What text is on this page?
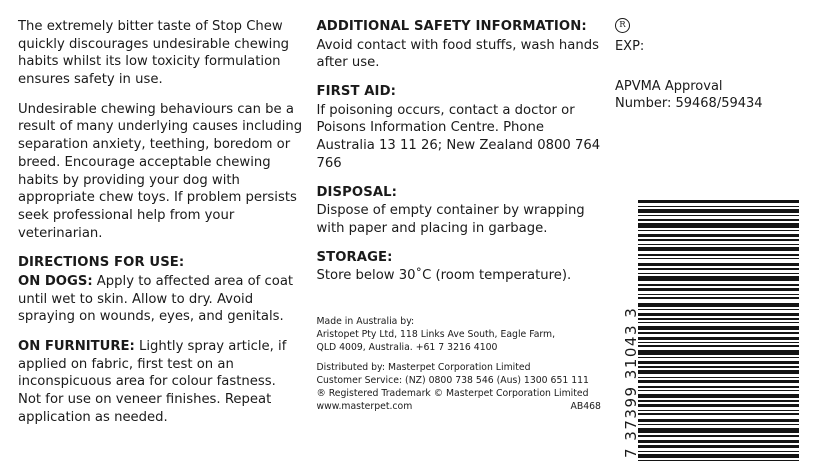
The extremely bitter taste of Stop Chew quickly discourages undesirable chewing habits whilst its low toxicity formulation ensures safety in use.

Undesirable chewing behaviours can be a result of many underlying causes including separation anxiety, teething, boredom or breed. Encourage acceptable chewing habits by providing your dog with appropriate chew toys. If problem persists seek professional help from your veterinarian.

DIRECTIONS FOR USE:
ON DOGS: Apply to affected area of coat until wet to skin. Allow to dry. Avoid spraying on wounds, eyes, and genitals.
ON FURNITURE: Lightly spray article, if applied on fabric, first test on an inconspicuous area for colour fastness. Not for use on veneer finishes. Repeat application as needed.
ADDITIONAL SAFETY INFORMATION:
Avoid contact with food stuffs, wash hands after use.
FIRST AID:
If poisoning occurs, contact a doctor or Poisons Information Centre. Phone Australia 13 11 26; New Zealand 0800 764 766
DISPOSAL:
Dispose of empty container by wrapping with paper and placing in garbage.
STORAGE:
Store below 30˚C (room temperature).
Made in Australia by:
Aristopet Pty Ltd, 118 Links Ave South, Eagle Farm,
QLD 4009, Australia. +61 7 3216 4100
Distributed by: Masterpet Corporation Limited
Customer Service: (NZ) 0800 738 546 (Aus) 1300 651 111
® Registered Trademark © Masterpet Corporation Limited
www.masterpet.com	AB468
R
EXP:
APVMA Approval
Number: 59468/59434
7 37399 31043 3
